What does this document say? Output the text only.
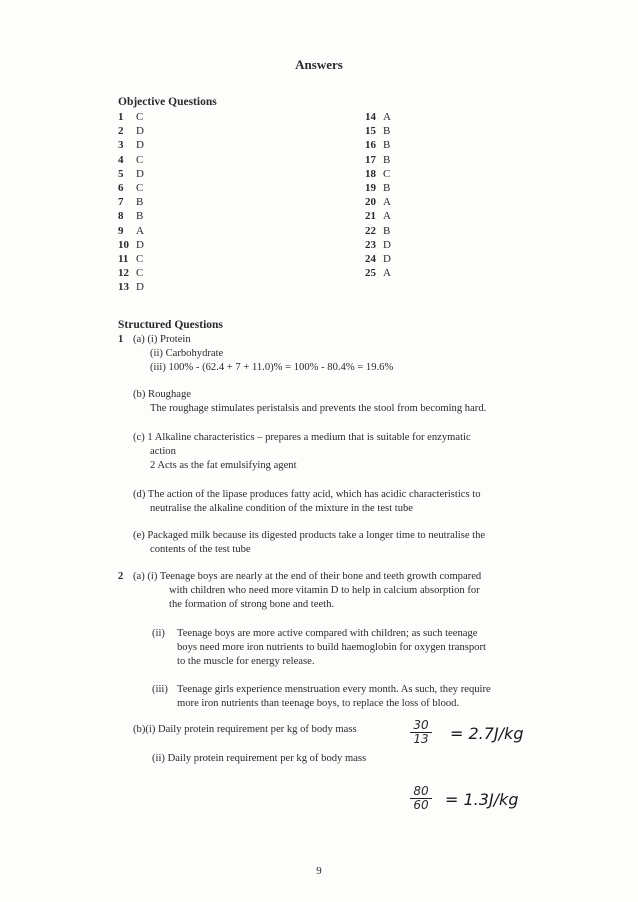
Answers
Objective Questions
1 C
2 D
3 D
4 C
5 D
6 C
7 B
8 B
9 A
10 D
11 C
12 C
13 D
14 A
15 B
16 B
17 B
18 C
19 B
20 A
21 A
22 B
23 D
24 D
25 A
Structured Questions
1 (a) (i) Protein
(ii) Carbohydrate
(iii) 100% - (62.4 + 7 + 11.0)% = 100% - 80.4% = 19.6%
(b) Roughage
The roughage stimulates peristalsis and prevents the stool from becoming hard.
(c) 1 Alkaline characteristics – prepares a medium that is suitable for enzymatic
action
2 Acts as the fat emulsifying agent
(d) The action of the lipase produces fatty acid, which has acidic characteristics to
neutralise the alkaline condition of the mixture in the test tube
(e) Packaged milk because its digested products take a longer time to neutralise the
contents of the test tube
2 (a) (i) Teenage boys are nearly at the end of their bone and teeth growth compared
with children who need more vitamin D to help in calcium absorption for
the formation of strong bone and teeth.
(ii) Teenage boys are more active compared with children; as such teenage
boys need more iron nutrients to build haemoglobin for oxygen transport
to the muscle for energy release.
(iii) Teenage girls experience menstruation every month. As such, they require
more iron nutrients than teenage boys, to replace the loss of blood.
(b)(i) Daily protein requirement per kg of body mass	$\frac{30}{13} = 2.7J/kg$
(ii) Daily protein requirement per kg of body mass
$\frac{80}{60} = 1.3J/kg$
9
